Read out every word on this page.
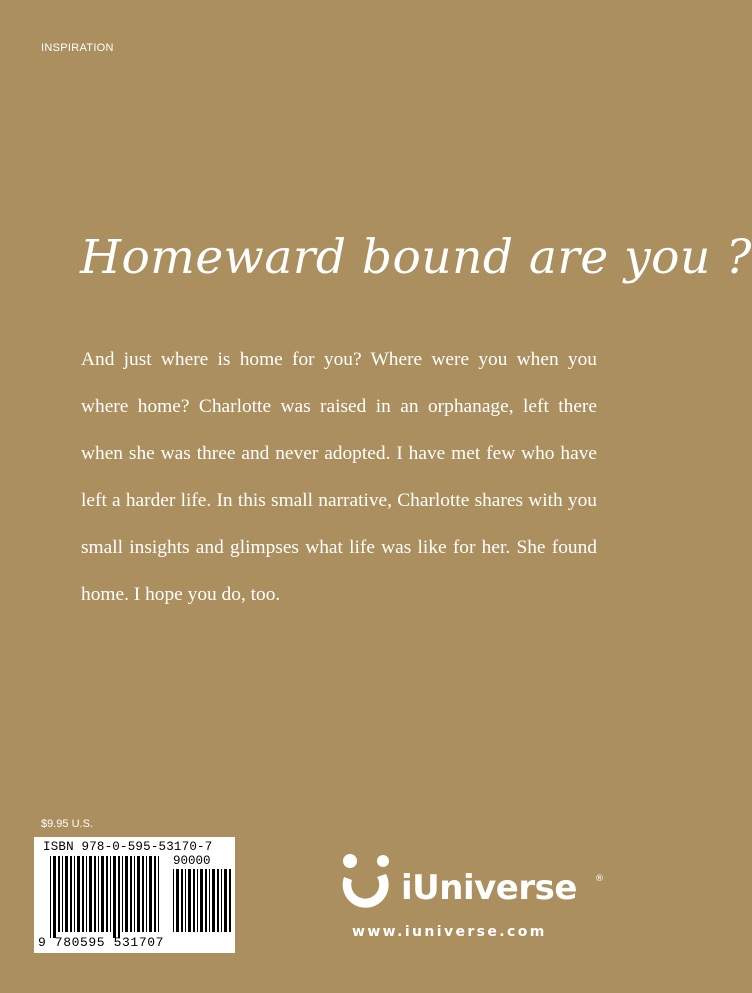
INSPIRATION
Homeward bound are you ?

And just where is home for you? Where were you when you where home? Charlotte was raised in an orphanage, left there when she was three and never adopted. I have met few who have left a harder life. In this small narrative, Charlotte shares with you small insights and glimpses what life was like for her. She found home. I hope you do, too.

$9.95 U.S.
ISBN 978-0-595-53170-7
90000
9 780595 531707
iUniverse ®
www.iuniverse.com
